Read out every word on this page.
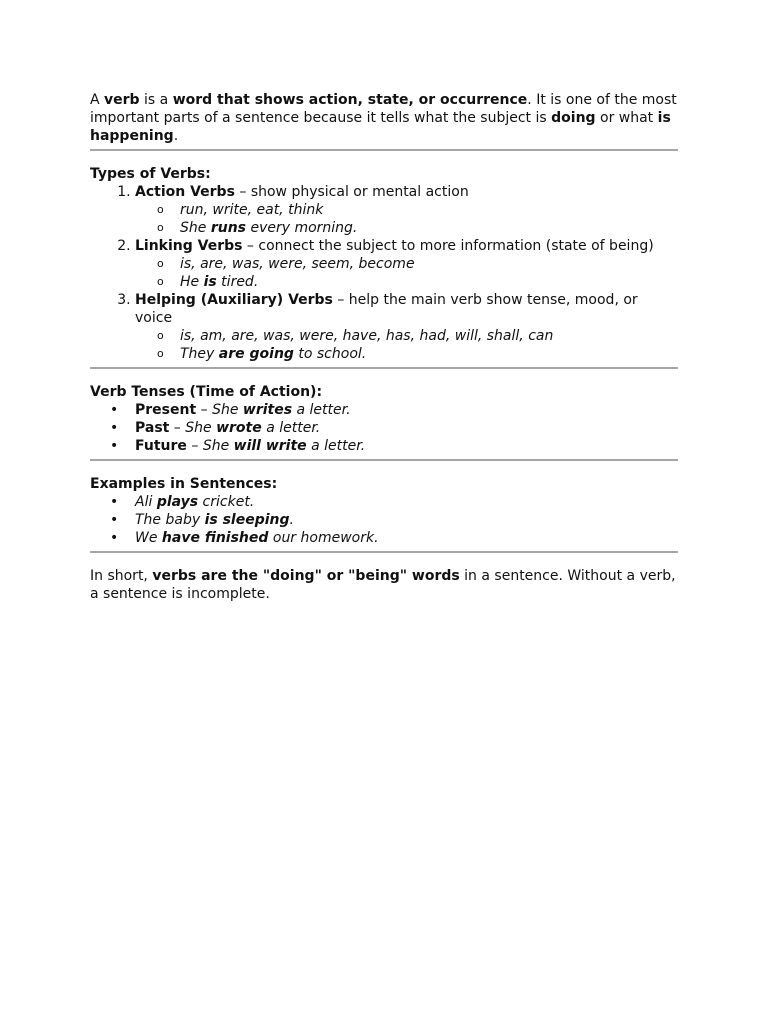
A verb is a word that shows action, state, or occurrence. It is one of the most important parts of a sentence because it tells what the subject is doing or what is happening.

Types of Verbs:

1. Action Verbs – show physical or mental action
o run, write, eat, think
o She runs every morning.
2. Linking Verbs – connect the subject to more information (state of being)
o is, are, was, were, seem, become
o He is tired.
3. Helping (Auxiliary) Verbs – help the main verb show tense, mood, or voice
o is, am, are, was, were, have, has, had, will, shall, can
o They are going to school.

Verb Tenses (Time of Action):

• Present – She writes a letter.
• Past – She wrote a letter.
• Future – She will write a letter.

Examples in Sentences:

• Ali plays cricket.
• The baby is sleeping.
• We have finished our homework.

In short, verbs are the "doing" or "being" words in a sentence. Without a verb, a sentence is incomplete.
